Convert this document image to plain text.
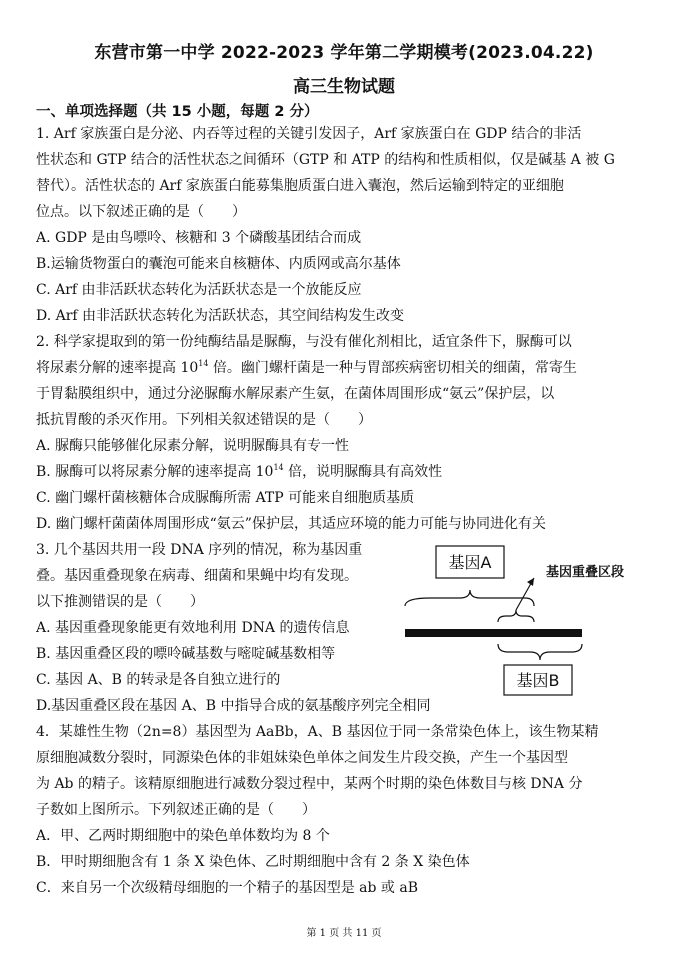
东营市第一中学 2022-2023 学年第二学期模考(2023.04.22)
高三生物试题
一、单项选择题（共 15 小题，每题 2 分）
1. Arf 家族蛋白是分泌、内吞等过程的关键引发因子，Arf 家族蛋白在 GDP 结合的非活
性状态和 GTP 结合的活性状态之间循环（GTP 和 ATP 的结构和性质相似，仅是碱基 A 被 G
替代）。活性状态的 Arf 家族蛋白能募集胞质蛋白进入囊泡，然后运输到特定的亚细胞
位点。以下叙述正确的是（　　）
A. GDP 是由鸟嘌呤、核糖和 3 个磷酸基团结合而成
B.运输货物蛋白的囊泡可能来自核糖体、内质网或高尔基体
C. Arf 由非活跃状态转化为活跃状态是一个放能反应
D. Arf 由非活跃状态转化为活跃状态，其空间结构发生改变
2. 科学家提取到的第一份纯酶结晶是脲酶，与没有催化剂相比，适宜条件下，脲酶可以
将尿素分解的速率提高 $10^{14}$ 倍。幽门螺杆菌是一种与胃部疾病密切相关的细菌，常寄生
于胃黏膜组织中，通过分泌脲酶水解尿素产生氨，在菌体周围形成“氨云”保护层，以
抵抗胃酸的杀灭作用。下列相关叙述错误的是（　　）
A. 脲酶只能够催化尿素分解，说明脲酶具有专一性
B. 脲酶可以将尿素分解的速率提高 $10^{14}$ 倍，说明脲酶具有高效性
C. 幽门螺杆菌核糖体合成脲酶所需 ATP 可能来自细胞质基质
D. 幽门螺杆菌菌体周围形成“氨云”保护层，其适应环境的能力可能与协同进化有关
3. 几个基因共用一段 DNA 序列的情况，称为基因重
叠。基因重叠现象在病毒、细菌和果蝇中均有发现。
以下推测错误的是（　　）
A. 基因重叠现象能更有效地利用 DNA 的遗传信息
B. 基因重叠区段的嘌呤碱基数与嘧啶碱基数相等
C. 基因 A、B 的转录是各自独立进行的
D.基因重叠区段在基因 A、B 中指导合成的氨基酸序列完全相同
基因A
基因重叠区段
基因B
4．某雄性生物（2n=8）基因型为 AaBb，A、B 基因位于同一条常染色体上，该生物某精
原细胞减数分裂时，同源染色体的非姐妹染色单体之间发生片段交换，产生一个基因型
为 Ab 的精子。该精原细胞进行减数分裂过程中，某两个时期的染色体数目与核 DNA 分
子数如上图所示。下列叙述正确的是（　　）
A．甲、乙两时期细胞中的染色单体数均为 8 个
B．甲时期细胞含有 1 条 X 染色体、乙时期细胞中含有 2 条 X 染色体
C．来自另一个次级精母细胞的一个精子的基因型是 ab 或 aB
第 1 页 共 11 页
